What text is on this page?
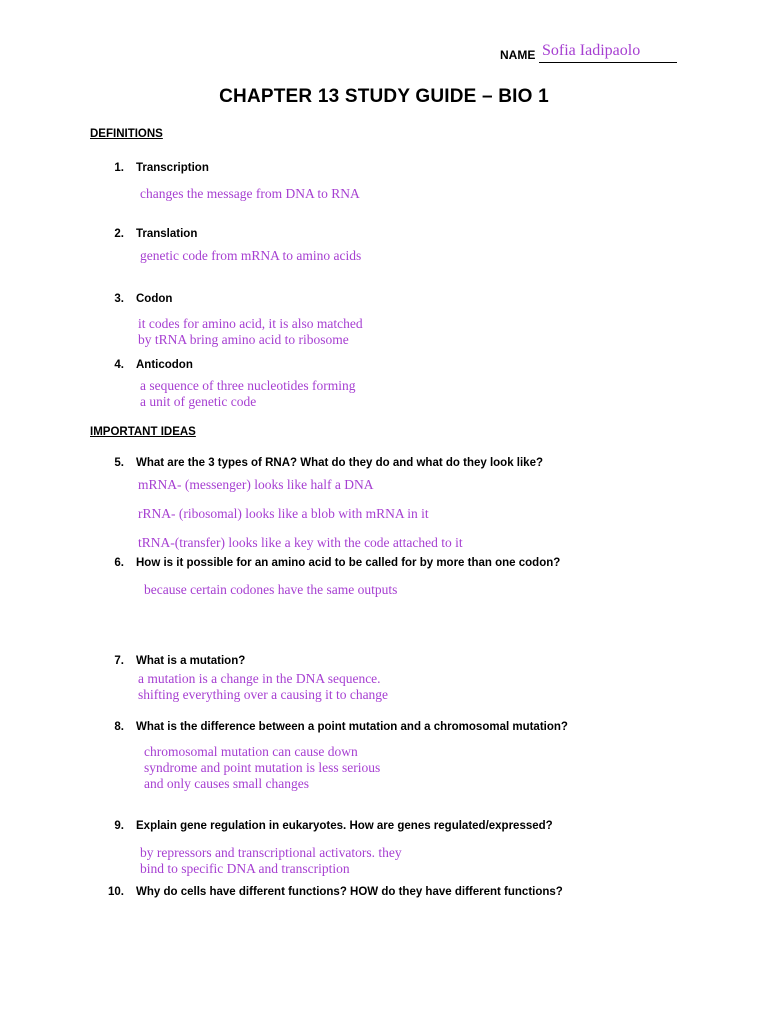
NAME Sofia Iadipaolo
CHAPTER 13 STUDY GUIDE – BIO 1
DEFINITIONS
1. Transcription
changes the message from DNA to RNA
2. Translation
genetic code from mRNA to amino acids
3. Codon
it codes for amino acid, it is also matched
by tRNA bring amino acid to ribosome
4. Anticodon
a sequence of three nucleotides forming
a unit of genetic code
IMPORTANT IDEAS
5. What are the 3 types of RNA? What do they do and what do they look like?
mRNA- (messenger) looks like half a DNA
rRNA- (ribosomal) looks like a blob with mRNA in it
tRNA-(transfer) looks like a key with the code attached to it
6. How is it possible for an amino acid to be called for by more than one codon?
because certain codones have the same outputs
7. What is a mutation?
a mutation is a change in the DNA sequence.
shifting everything over a causing it to change
8. What is the difference between a point mutation and a chromosomal mutation?
chromosomal mutation can cause down
syndrome and point mutation is less serious
and only causes small changes
9. Explain gene regulation in eukaryotes. How are genes regulated/expressed?
by repressors and transcriptional activators. they
bind to specific DNA and transcription
10. Why do cells have different functions? HOW do they have different functions?
